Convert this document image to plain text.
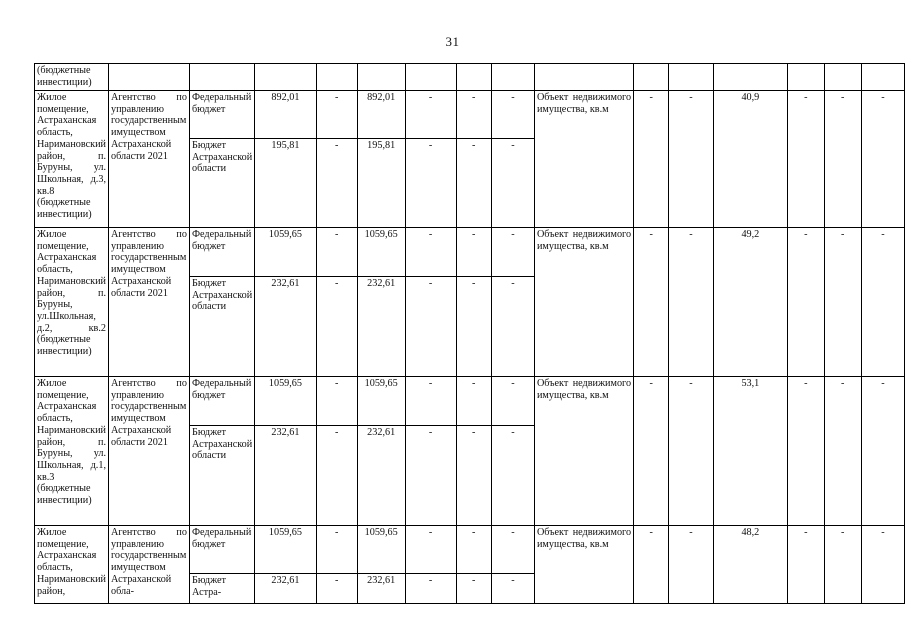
31
(бюджетные инвестиции)															

Жилое помещение, Астраханская область, Наримановский район, п. Буруны, ул. Школьная, д.3, кв.8 (бюджетные инвестиции)	Агентство по управлению государственным имуществом Астраханской области 2021	Федеральный бюджет	892,01	-	892,01	-	-	-	Объект недвижимого имущества, кв.м	-	-	40,9	-	-	-

		Бюджет Астраханской области	195,81	-	195,81	-	-	-							

Жилое помещение, Астраханская область, Наримановский район, п. Буруны, ул.Школьная, д.2, кв.2 (бюджетные инвестиции)	Агентство по управлению государственным имуществом Астраханской области 2021	Федеральный бюджет	1059,65	-	1059,65	-	-	-	Объект недвижимого имущества, кв.м	-	-	49,2	-	-	-

		Бюджет Астраханской области	232,61	-	232,61	-	-	-							

Жилое помещение, Астраханская область, Наримановский район, п. Буруны, ул. Школьная, д.1, кв.3 (бюджетные инвестиции)	Агентство по управлению государственным имуществом Астраханской области 2021	Федеральный бюджет	1059,65	-	1059,65	-	-	-	Объект недвижимого имущества, кв.м	-	-	53,1	-	-	-

		Бюджет Астраханской области	232,61	-	232,61	-	-	-							

Жилое помещение, Астраханская область, Наримановский район,	Агентство по управлению государственным имуществом Астраханской обла-	Федеральный бюджет	1059,65	-	1059,65	-	-	-	Объект недвижимого имущества, кв.м	-	-	48,2	-	-	-

		Бюджет Астра-	232,61	-	232,61	-	-	-							
